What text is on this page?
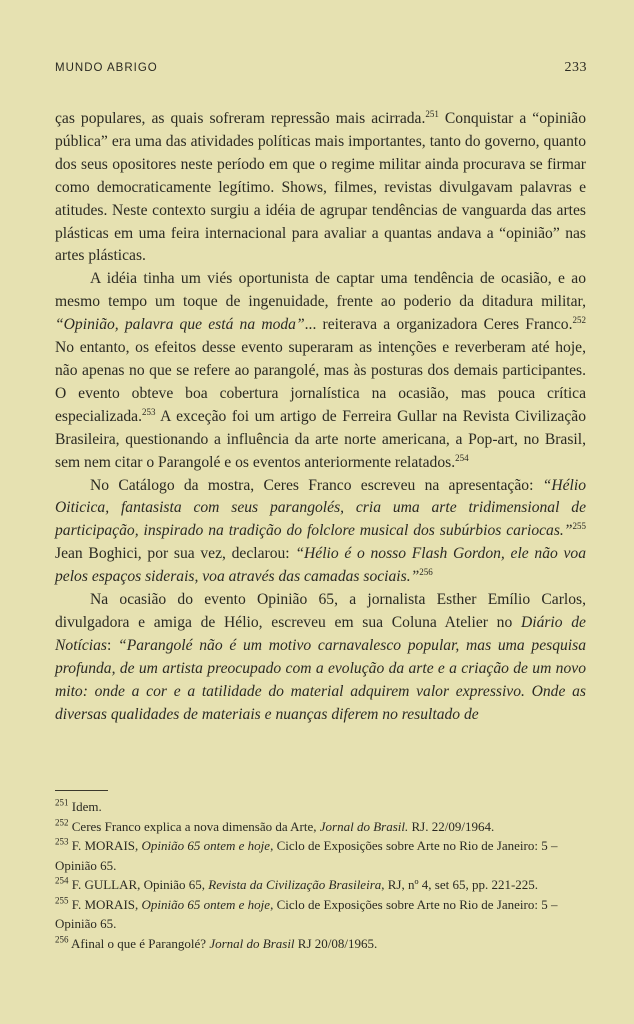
MUNDO ABRIGO	233

ças populares, as quais sofreram repressão mais acirrada.$^{251}$ Conquistar a “opinião pública” era uma das atividades políticas mais importantes, tanto do governo, quanto dos seus opositores neste período em que o regime militar ainda procurava se firmar como democraticamente legítimo. Shows, filmes, revistas divulgavam palavras e atitudes. Neste contexto surgiu a idéia de agrupar tendências de vanguarda das artes plásticas em uma feira internacional para avaliar a quantas andava a “opinião” nas artes plásticas.

A idéia tinha um viés oportunista de captar uma tendência de ocasião, e ao mesmo tempo um toque de ingenuidade, frente ao poderio da ditadura militar, “Opinião, palavra que está na moda”... reiterava a organizadora Ceres Franco.$^{252}$ No entanto, os efeitos desse evento superaram as intenções e reverberam até hoje, não apenas no que se refere ao parangolé, mas às posturas dos demais participantes. O evento obteve boa cobertura jornalística na ocasião, mas pouca crítica especializada.$^{253}$ A exceção foi um artigo de Ferreira Gullar na Revista Civilização Brasileira, questionando a influência da arte norte americana, a Pop-art, no Brasil, sem nem citar o Parangolé e os eventos anteriormente relatados.$^{254}$

No Catálogo da mostra, Ceres Franco escreveu na apresentação: “Hélio Oiticica, fantasista com seus parangolés, cria uma arte tridimensional de participação, inspirado na tradição do folclore musical dos subúrbios cariocas.”$^{255}$ Jean Boghici, por sua vez, declarou: “Hélio é o nosso Flash Gordon, ele não voa pelos espaços siderais, voa através das camadas sociais.”$^{256}$

Na ocasião do evento Opinião 65, a jornalista Esther Emílio Carlos, divulgadora e amiga de Hélio, escreveu em sua Coluna Atelier no Diário de Notícias: “Parangolé não é um motivo carnavalesco popular, mas uma pesquisa profunda, de um artista preocupado com a evolução da arte e a criação de um novo mito: onde a cor e a tatilidade do material adquirem valor expressivo. Onde as diversas qualidades de materiais e nuanças diferem no resultado de

$^{251}$ Idem.

$^{252}$ Ceres Franco explica a nova dimensão da Arte, Jornal do Brasil. RJ. 22/09/1964.

$^{253}$ F. MORAIS, Opinião 65 ontem e hoje, Ciclo de Exposições sobre Arte no Rio de Janeiro: 5 – Opinião 65.

$^{254}$ F. GULLAR, Opinião 65, Revista da Civilização Brasileira, RJ, nº 4, set 65, pp. 221-225.

$^{255}$ F. MORAIS, Opinião 65 ontem e hoje, Ciclo de Exposições sobre Arte no Rio de Janeiro: 5 – Opinião 65.

$^{256}$ Afinal o que é Parangolé? Jornal do Brasil RJ 20/08/1965.
